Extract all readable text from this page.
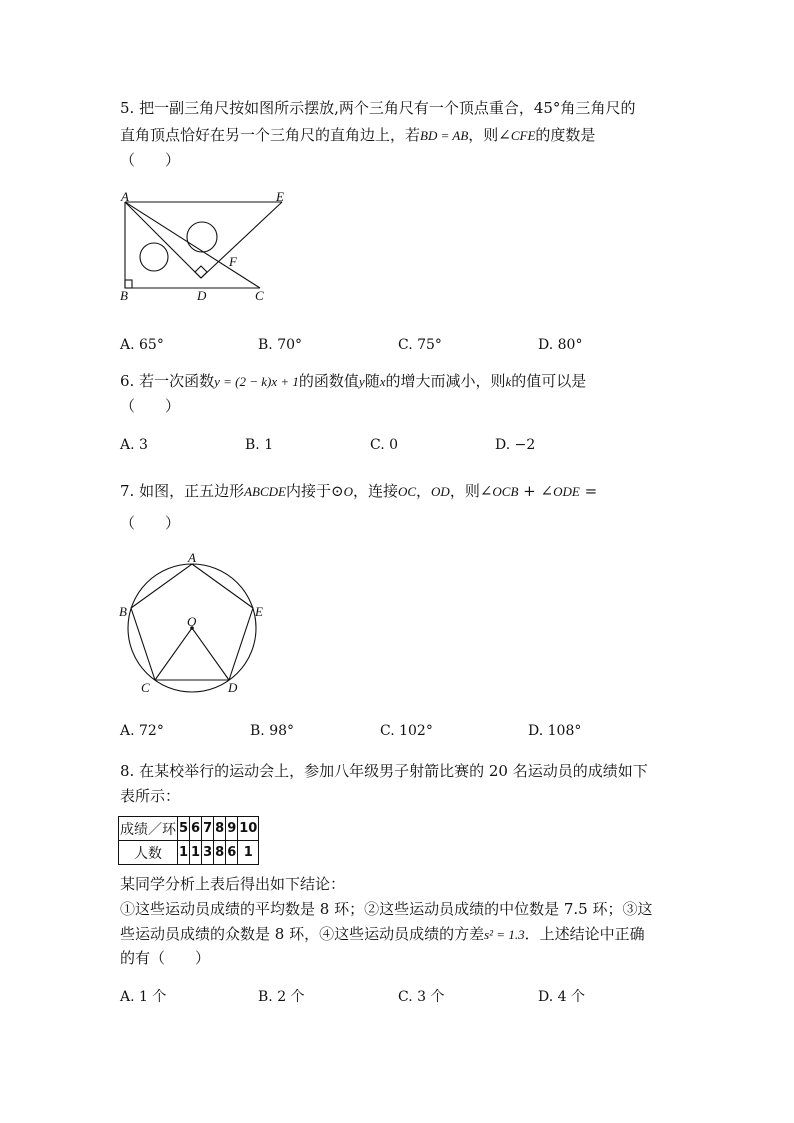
5. 把一副三角尺按如图所示摆放,两个三角尺有一个顶点重合，45°角三角尺的
直角顶点恰好在另一个三角尺的直角边上，若BD = AB，则∠CFE的度数是
（　　）
A	E
F
B	D	C
A. 65°	B. 70°	C. 75°	D. 80°
6. 若一次函数y = (2 − k)x + 1的函数值y随x的增大而减小，则k的值可以是
（　　）
A. 3	B. 1	C. 0	D. −2
7. 如图，正五边形ABCDE内接于⊙O，连接OC，OD，则∠OCB + ∠ODE =
（　　）
A
B	E
O
C	D
A. 72°	B. 98°	C. 102°	D. 108°
8. 在某校举行的运动会上，参加八年级男子射箭比赛的 20 名运动员的成绩如下
表所示：
成绩／环	5	6	7	8	9	10
人数	1	1	3	8	6	1
某同学分析上表后得出如下结论：
①这些运动员成绩的平均数是 8 环；②这些运动员成绩的中位数是 7.5 环；③这
些运动员成绩的众数是 8 环，④这些运动员成绩的方差s² = 1.3．上述结论中正确
的有（　　）
A. 1 个	B. 2 个	C. 3 个	D. 4 个
